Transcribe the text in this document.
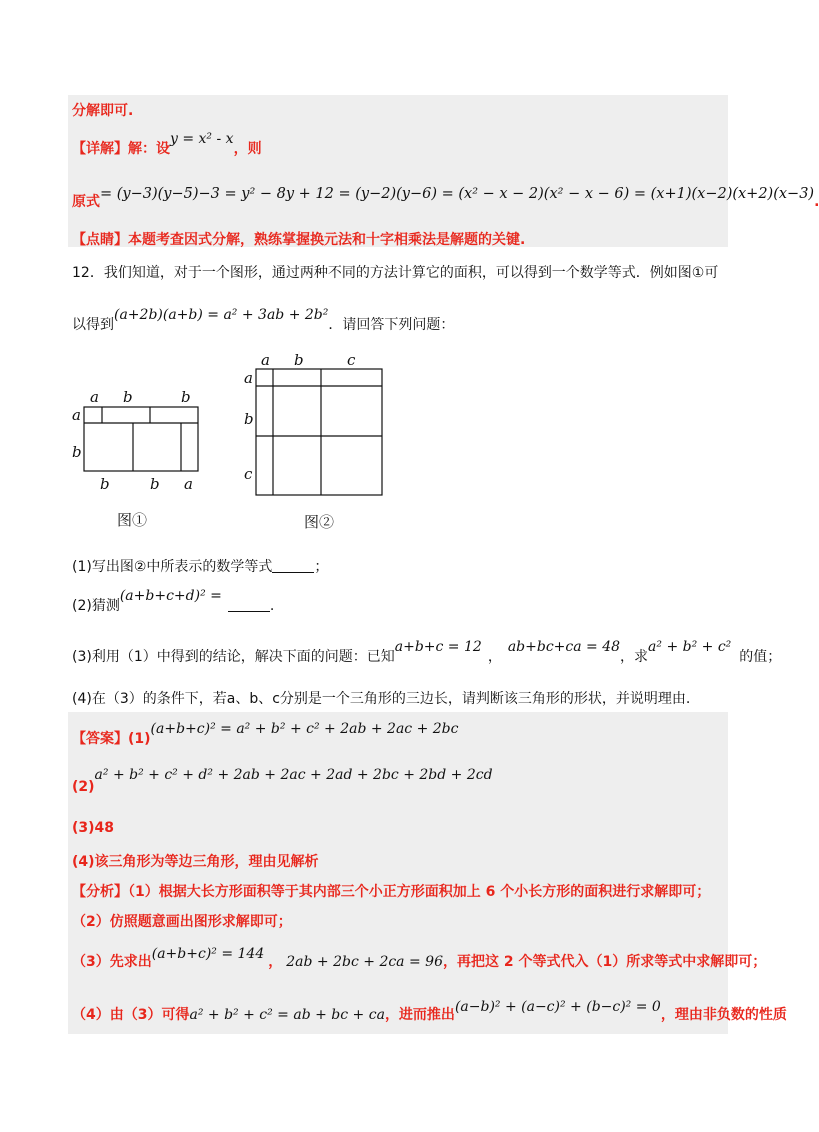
分解即可.
【详解】解：设y = x² - x，则
原式= (y−3)(y−5)−3 = y² − 8y + 12 = (y−2)(y−6) = (x² − x − 2)(x² − x − 6) = (x+1)(x−2)(x+2)(x−3).
【点睛】本题考查因式分解，熟练掌握换元法和十字相乘法是解题的关键.
12．我们知道，对于一个图形，通过两种不同的方法计算它的面积，可以得到一个数学等式．例如图①可
以得到(a+2b)(a+b) = a² + 3ab + 2b²．请回答下列问题：
a b	b
a
b
b	b a
图①
a b	c
a
b
c
图②
(1)写出图②中所表示的数学等式	；
(2)猜测(a+b+c+d)² =.
(3)利用（1）中得到的结论，解决下面的问题：已知a+b+c = 12，ab+bc+ca = 48，求a² + b² + c²的值；
(4)在（3）的条件下，若a、b、c分别是一个三角形的三边长，请判断该三角形的形状，并说明理由.
【答案】(1)(a+b+c)² = a² + b² + c² + 2ab + 2ac + 2bc
(2)a² + b² + c² + d² + 2ab + 2ac + 2ad + 2bc + 2bd + 2cd
(3)48
(4)该三角形为等边三角形，理由见解析
【分析】（1）根据大长方形面积等于其内部三个小正方形面积加上 6 个小长方形的面积进行求解即可；
（2）仿照题意画出图形求解即可；
（3）先求出(a+b+c)² = 144 ， 2ab + 2bc + 2ca = 96，再把这 2 个等式代入（1）所求等式中求解即可；
（4）由（3）可得a² + b² + c² = ab + bc + ca，进而推出(a−b)² + (a−c)² + (b−c)² = 0，理由非负数的性质
